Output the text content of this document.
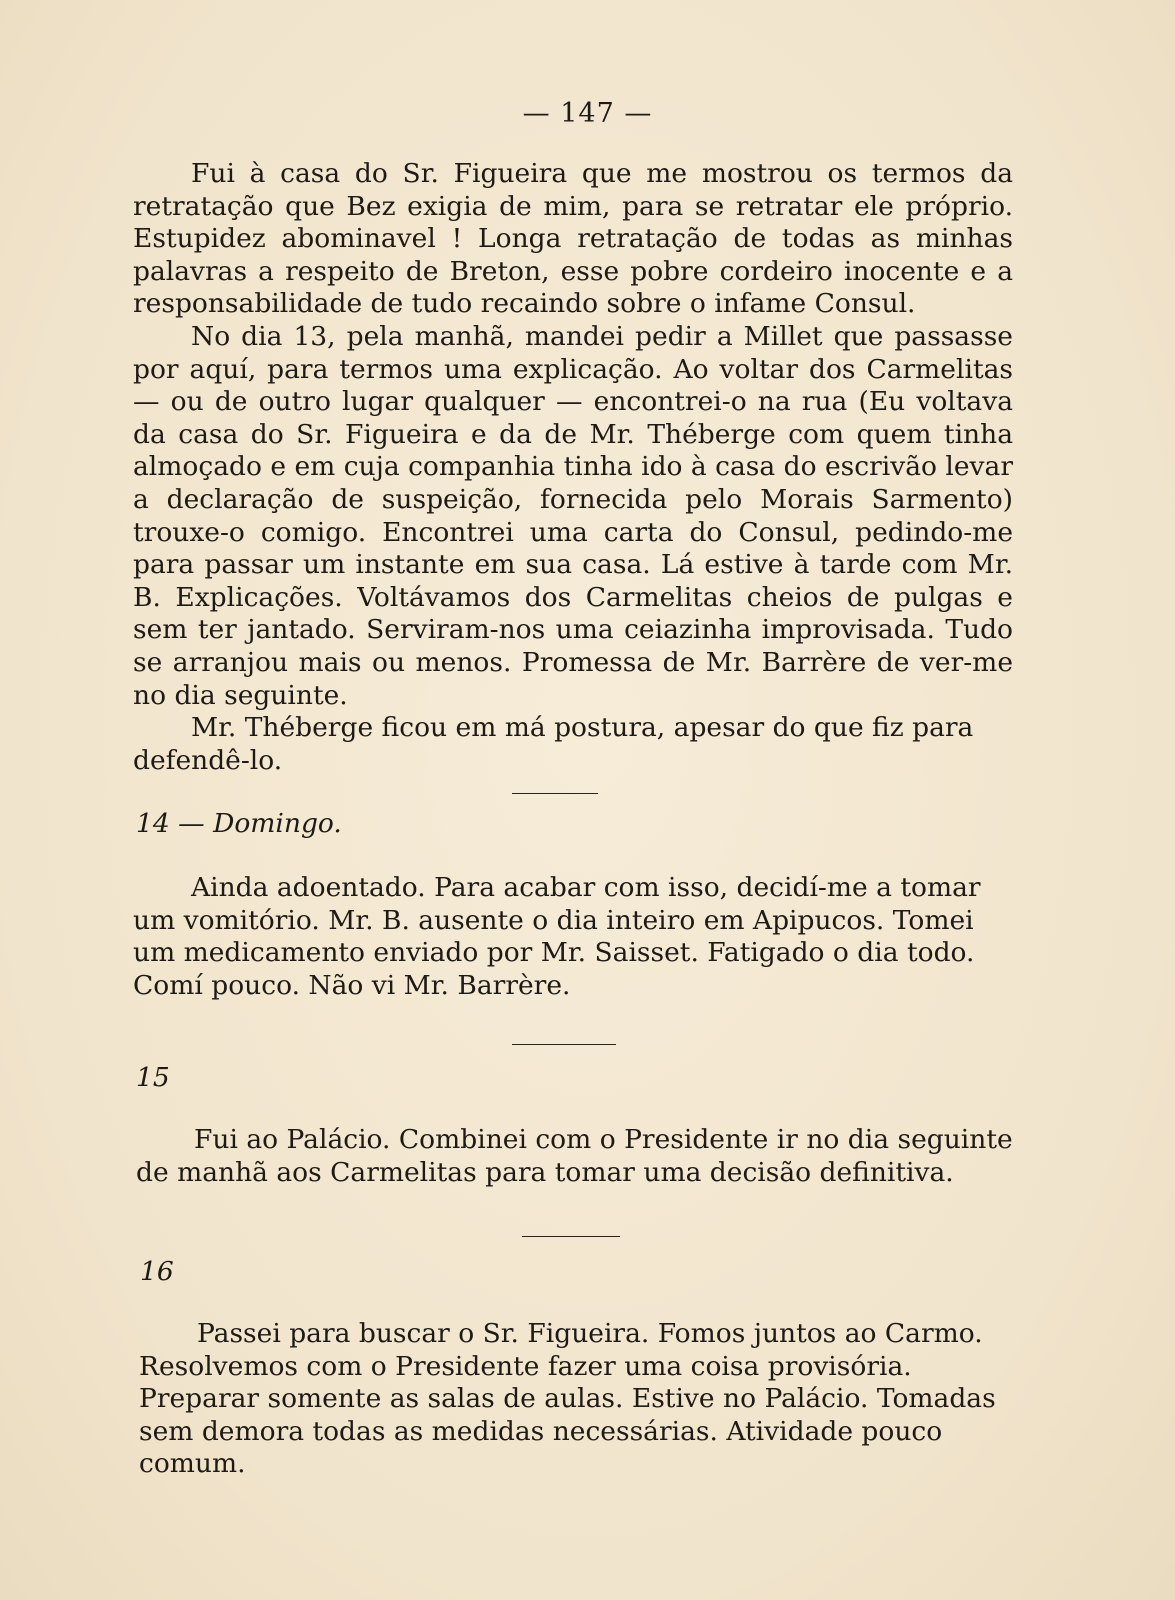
— 147 —

Fui à casa do Sr. Figueira que me mostrou os termos da retratação que Bez exigia de mim, para se retratar ele próprio. Estupidez abominavel ! Longa retratação de todas as minhas palavras a respeito de Breton, esse pobre cordeiro inocente e a responsabilidade de tudo recaindo sobre o infame Consul.

No dia 13, pela manhã, mandei pedir a Millet que passasse por aquí, para termos uma explicação. Ao voltar dos Carmelitas — ou de outro lugar qualquer — encontrei-o na rua (Eu voltava da casa do Sr. Figueira e da de Mr. Théberge com quem tinha almoçado e em cuja companhia tinha ido à casa do escrivão levar a declaração de suspeição, fornecida pelo Morais Sarmento) trouxe-o comigo. Encontrei uma carta do Consul, pedindo-me para passar um instante em sua casa. Lá estive à tarde com Mr. B. Explicações. Voltávamos dos Carmelitas cheios de pulgas e sem ter jantado. Serviram-nos uma ceiazinha improvisada. Tudo se arranjou mais ou menos. Promessa de Mr. Barrère de ver-me no dia seguinte.

Mr. Théberge ficou em má postura, apesar do que fiz para defendê-lo.

14 — Domingo.

Ainda adoentado. Para acabar com isso, decidí-me a tomar um vomitório. Mr. B. ausente o dia inteiro em Apipucos. Tomei um medicamento enviado por Mr. Saisset. Fatigado o dia todo. Comí pouco. Não vi Mr. Barrère.

15

Fui ao Palácio. Combinei com o Presidente ir no dia seguinte de manhã aos Carmelitas para tomar uma decisão definitiva.

16

Passei para buscar o Sr. Figueira. Fomos juntos ao Carmo. Resolvemos com o Presidente fazer uma coisa provisória. Preparar somente as salas de aulas. Estive no Palácio. Tomadas sem demora todas as medidas necessárias. Atividade pouco comum.
